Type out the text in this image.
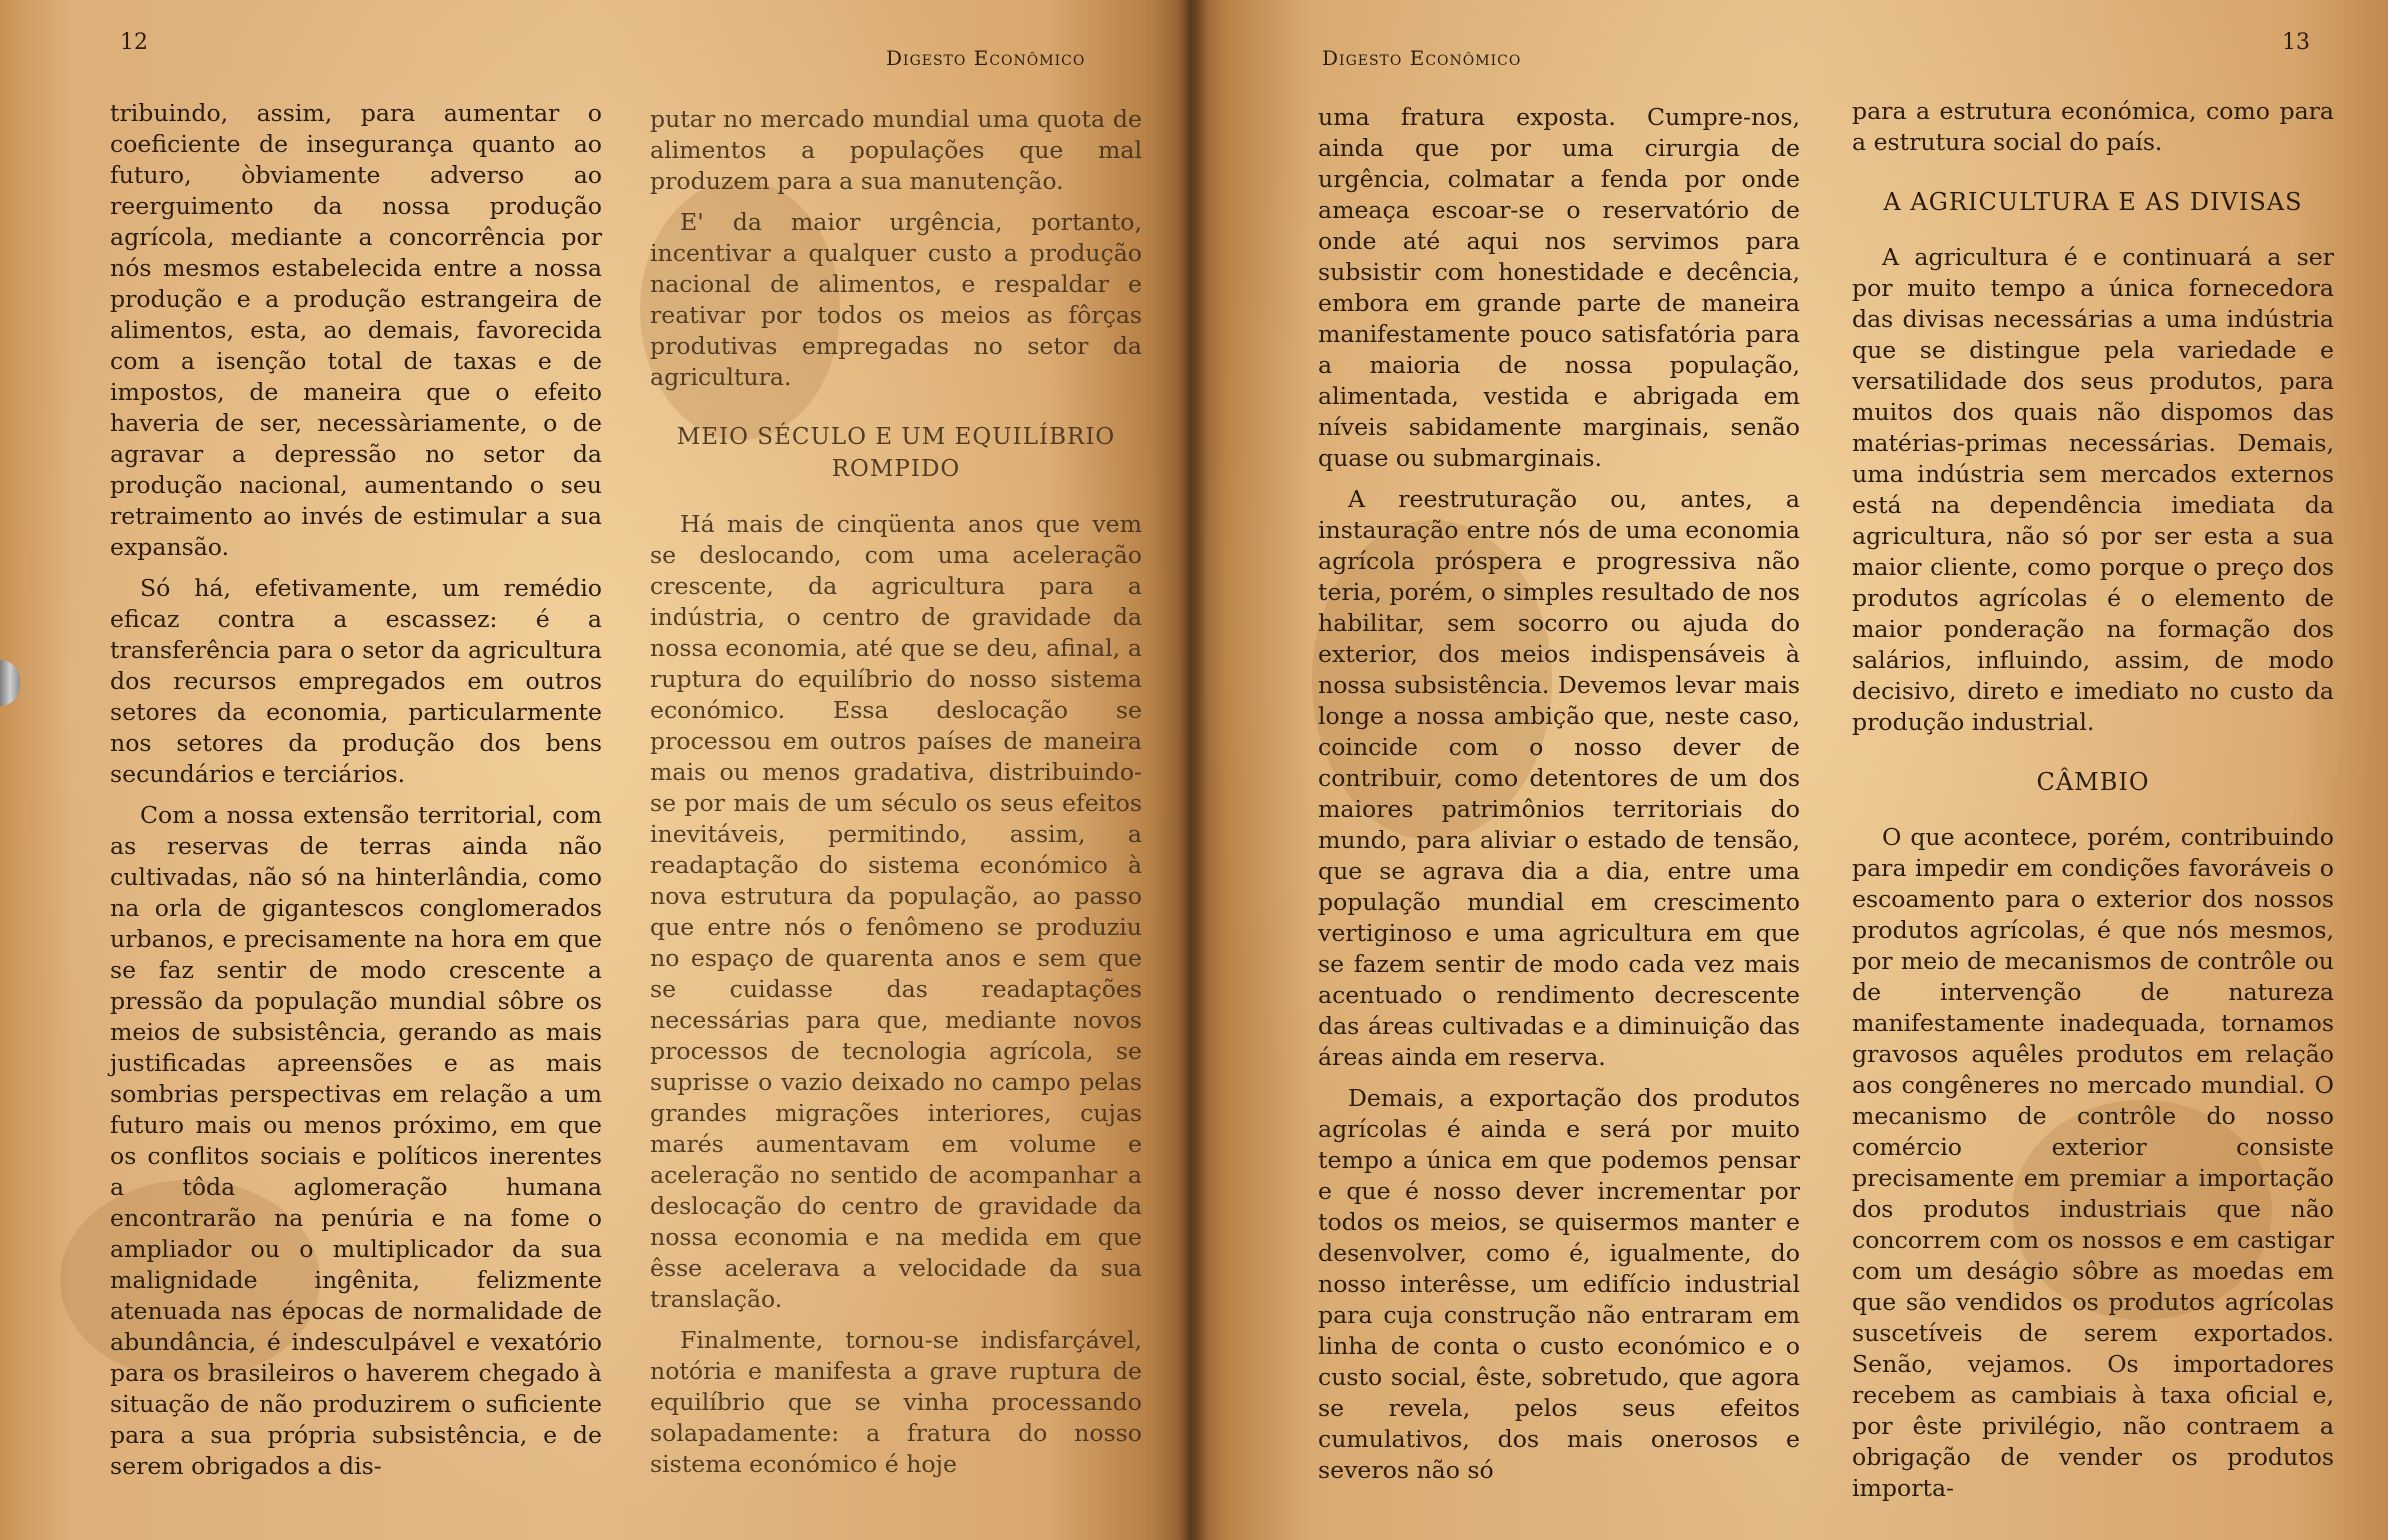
12
Digesto Econômico

tribuindo, assim, para aumentar o coeficiente de insegurança quanto ao futuro, òbviamente adverso ao reerguimento da nossa produção agrícola, mediante a concorrência por nós mesmos estabelecida entre a nossa produção e a produção estrangeira de alimentos, esta, ao demais, favorecida com a isenção total de taxas e de impostos, de maneira que o efeito haveria de ser, necessàriamente, o de agravar a depressão no setor da produção nacional, aumentando o seu retraimento ao invés de estimular a sua expansão.

Só há, efetivamente, um remédio eficaz contra a escassez: é a transferência para o setor da agricultura dos recursos empregados em outros setores da economia, particularmente nos setores da produção dos bens secundários e terciários.

Com a nossa extensão territorial, com as reservas de terras ainda não cultivadas, não só na hinterlândia, como na orla de gigantescos conglomerados urbanos, e precisamente na hora em que se faz sentir de modo crescente a pressão da população mundial sôbre os meios de subsistência, gerando as mais justificadas apreensões e as mais sombrias perspectivas em relação a um futuro mais ou menos próximo, em que os conflitos sociais e políticos inerentes a tôda aglomeração humana encontrarão na penúria e na fome o ampliador ou o multiplicador da sua malignidade ingênita, felizmente atenuada nas épocas de normalidade de abundância, é indesculpável e vexatório para os brasileiros o haverem chegado à situação de não produzirem o suficiente para a sua própria subsistência, e de serem obrigados a dis-

putar no mercado mundial uma quota de alimentos a populações que mal produzem para a sua manutenção.

E' da maior urgência, portanto, incentivar a qualquer custo a produção nacional de alimentos, e respaldar e reativar por todos os meios as fôrças produtivas empregadas no setor da agricultura.

MEIO SÉCULO E UM EQUILÍBRIO ROMPIDO

Há mais de cinqüenta anos que vem se deslocando, com uma aceleração crescente, da agricultura para a indústria, o centro de gravidade da nossa economia, até que se deu, afinal, a ruptura do equilíbrio do nosso sistema económico. Essa deslocação se processou em outros países de maneira mais ou menos gradativa, distribuindo-se por mais de um século os seus efeitos inevitáveis, permitindo, assim, a readaptação do sistema económico à nova estrutura da população, ao passo que entre nós o fenômeno se produziu no espaço de quarenta anos e sem que se cuidasse das readaptações necessárias para que, mediante novos processos de tecnologia agrícola, se suprisse o vazio deixado no campo pelas grandes migrações interiores, cujas marés aumentavam em volume e aceleração no sentido de acompanhar a deslocação do centro de gravidade da nossa economia e na medida em que êsse acelerava a velocidade da sua translação.

Finalmente, tornou-se indisfarçável, notória e manifesta a grave ruptura de equilíbrio que se vinha processando solapadamente: a fratura do nosso sistema económico é hoje

13
Digesto Econômico

uma fratura exposta. Cumpre-nos, ainda que por uma cirurgia de urgência, colmatar a fenda por onde ameaça escoar-se o reservatório de onde até aqui nos servimos para subsistir com honestidade e decência, embora em grande parte de maneira manifestamente pouco satisfatória para a maioria de nossa população, alimentada, vestida e abrigada em níveis sabidamente marginais, senão quase ou submarginais.

A reestruturação ou, antes, a instauração entre nós de uma economia agrícola próspera e progressiva não teria, porém, o simples resultado de nos habilitar, sem socorro ou ajuda do exterior, dos meios indispensáveis à nossa subsistência. Devemos levar mais longe a nossa ambição que, neste caso, coincide com o nosso dever de contribuir, como detentores de um dos maiores patrimônios territoriais do mundo, para aliviar o estado de tensão, que se agrava dia a dia, entre uma população mundial em crescimento vertiginoso e uma agricultura em que se fazem sentir de modo cada vez mais acentuado o rendimento decrescente das áreas cultivadas e a diminuição das áreas ainda em reserva.

Demais, a exportação dos produtos agrícolas é ainda e será por muito tempo a única em que podemos pensar e que é nosso dever incrementar por todos os meios, se quisermos manter e desenvolver, como é, igualmente, do nosso interêsse, um edifício industrial para cuja construção não entraram em linha de conta o custo económico e o custo social, êste, sobretudo, que agora se revela, pelos seus efeitos cumulativos, dos mais onerosos e severos não só

para a estrutura económica, como para a estrutura social do país.

A AGRICULTURA E AS DIVISAS

A agricultura é e continuará a ser por muito tempo a única fornecedora das divisas necessárias a uma indústria que se distingue pela variedade e versatilidade dos seus produtos, para muitos dos quais não dispomos das matérias-primas necessárias. Demais, uma indústria sem mercados externos está na dependência imediata da agricultura, não só por ser esta a sua maior cliente, como porque o preço dos produtos agrícolas é o elemento de maior ponderação na formação dos salários, influindo, assim, de modo decisivo, direto e imediato no custo da produção industrial.

CÂMBIO

O que acontece, porém, contribuindo para impedir em condições favoráveis o escoamento para o exterior dos nossos produtos agrícolas, é que nós mesmos, por meio de mecanismos de contrôle ou de intervenção de natureza manifestamente inadequada, tornamos gravosos aquêles produtos em relação aos congêneres no mercado mundial. O mecanismo de contrôle do nosso comércio exterior consiste precisamente em premiar a importação dos produtos industriais que não concorrem com os nossos e em castigar com um deságio sôbre as moedas em que são vendidos os produtos agrícolas suscetíveis de serem exportados. Senão, vejamos. Os importadores recebem as cambiais à taxa oficial e, por êste privilégio, não contraem a obrigação de vender os produtos importa-
